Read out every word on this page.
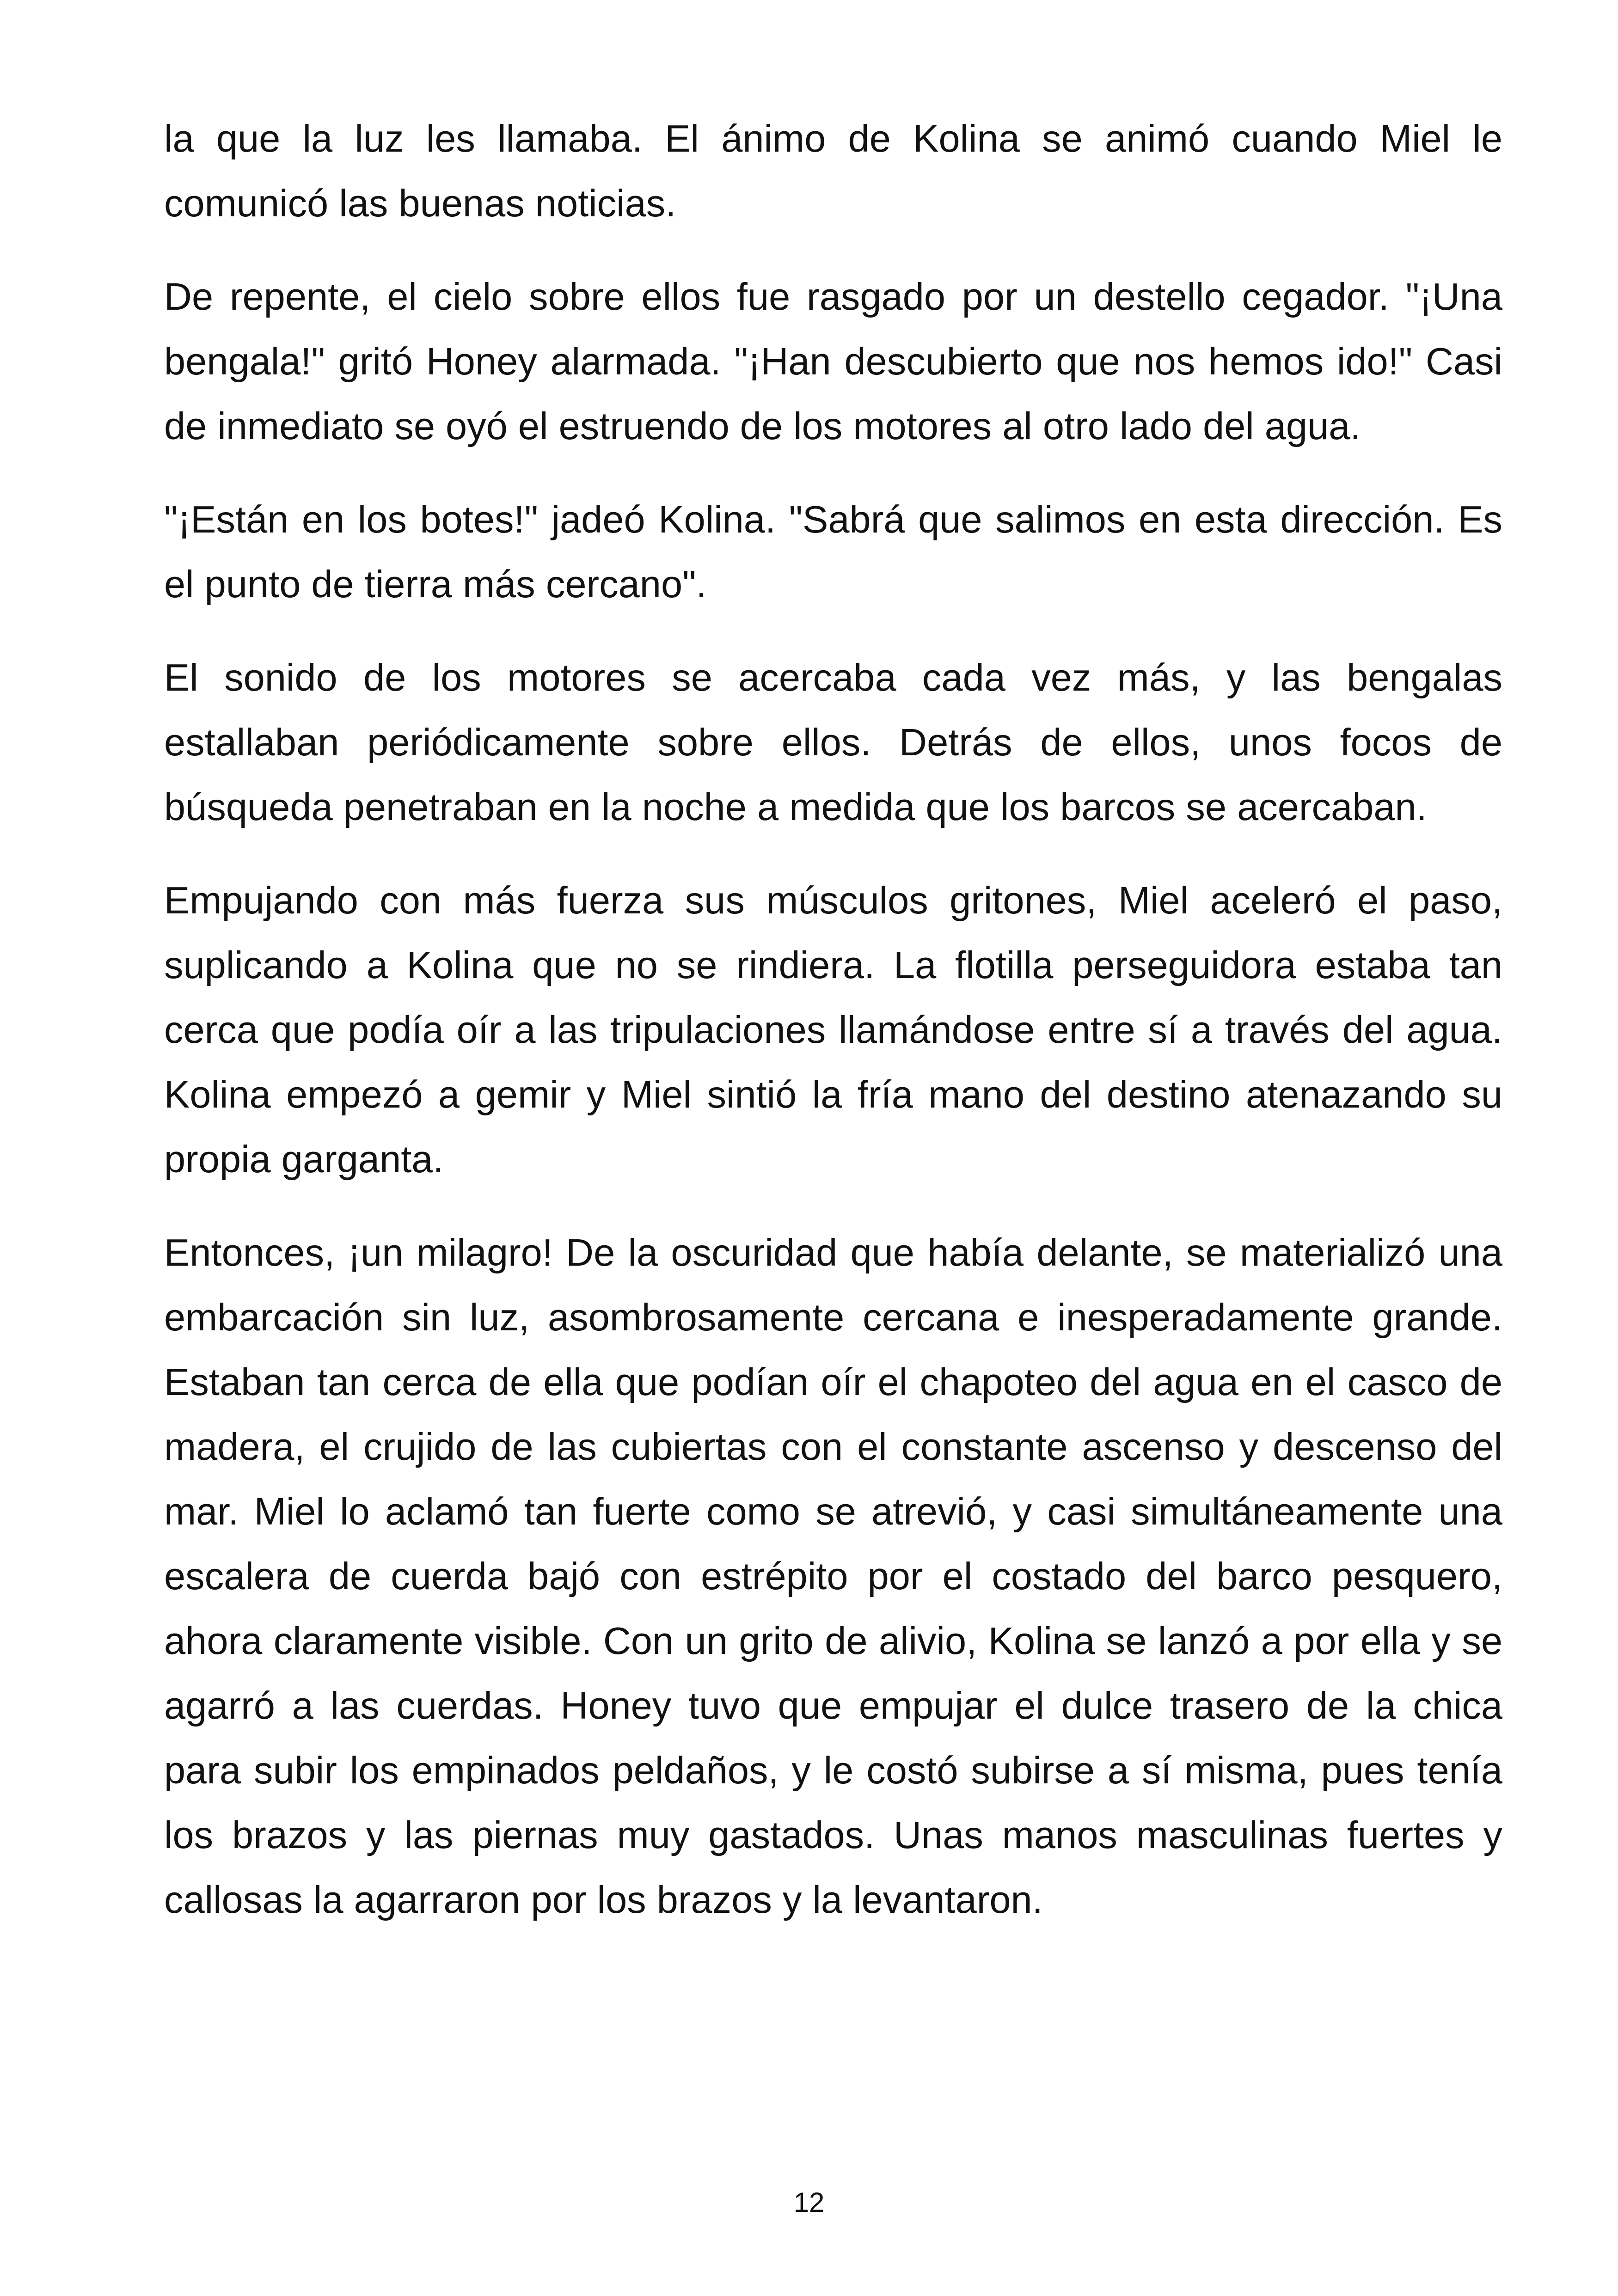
la que la luz les llamaba. El ánimo de Kolina se animó cuando Miel le comunicó las buenas noticias.

De repente, el cielo sobre ellos fue rasgado por un destello cegador. "¡Una bengala!" gritó Honey alarmada. "¡Han descubierto que nos hemos ido!" Casi de inmediato se oyó el estruendo de los motores al otro lado del agua.

"¡Están en los botes!" jadeó Kolina. "Sabrá que salimos en esta dirección. Es el punto de tierra más cercano".

El sonido de los motores se acercaba cada vez más, y las bengalas estallaban periódicamente sobre ellos. Detrás de ellos, unos focos de búsqueda penetraban en la noche a medida que los barcos se acercaban.

Empujando con más fuerza sus músculos gritones, Miel aceleró el paso, suplicando a Kolina que no se rindiera. La flotilla perseguidora estaba tan cerca que podía oír a las tripulaciones llamándose entre sí a través del agua. Kolina empezó a gemir y Miel sintió la fría mano del destino atenazando su propia garganta.

Entonces, ¡un milagro! De la oscuridad que había delante, se materializó una embarcación sin luz, asombrosamente cercana e inesperadamente grande. Estaban tan cerca de ella que podían oír el chapoteo del agua en el casco de madera, el crujido de las cubiertas con el constante ascenso y descenso del mar. Miel lo aclamó tan fuerte como se atrevió, y casi simultáneamente una escalera de cuerda bajó con estrépito por el costado del barco pesquero, ahora claramente visible. Con un grito de alivio, Kolina se lanzó a por ella y se agarró a las cuerdas. Honey tuvo que empujar el dulce trasero de la chica para subir los empinados peldaños, y le costó subirse a sí misma, pues tenía los brazos y las piernas muy gastados. Unas manos masculinas fuertes y callosas la agarraron por los brazos y la levantaron.

12
